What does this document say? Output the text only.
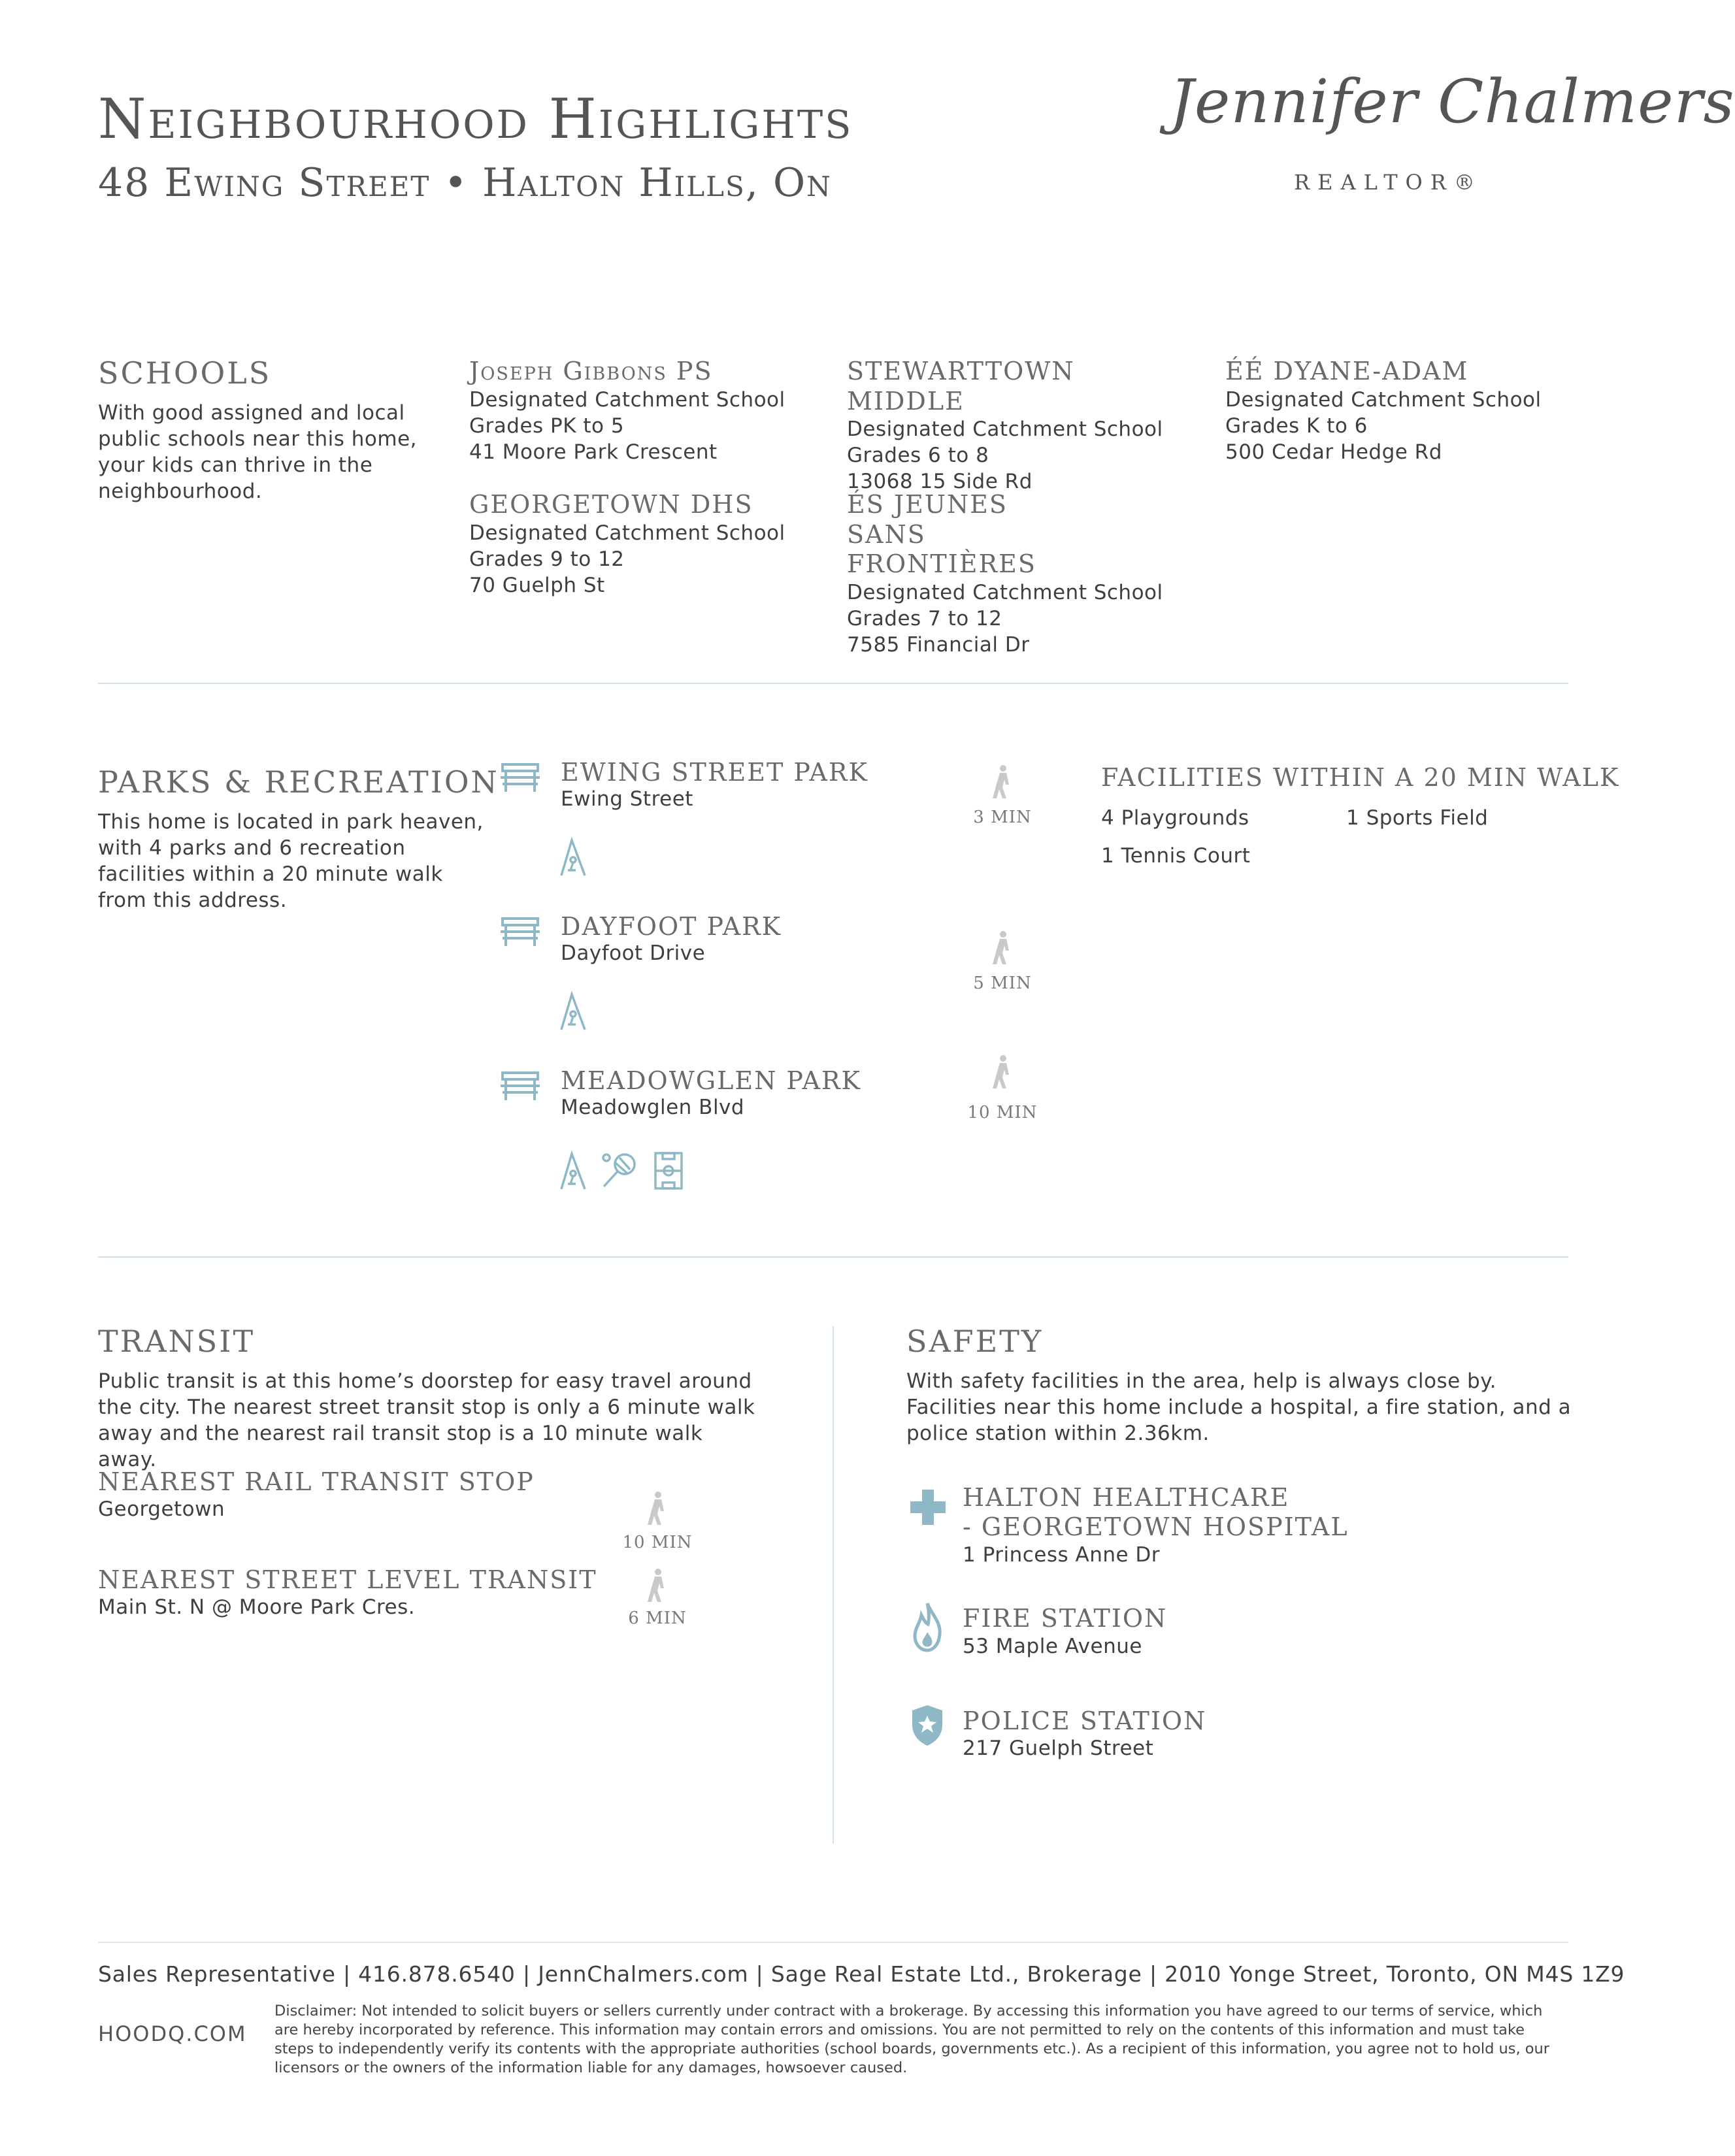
Neighbourhood Highlights
48 Ewing Street • Halton Hills, On
Jennifer Chalmers
REALTOR®
SCHOOLS
With good assigned and local public schools near this home, your kids can thrive in the neighbourhood.
Joseph Gibbons PS
Designated Catchment School
Grades PK to 5
41 Moore Park Crescent
STEWARTTOWN MIDDLE
Designated Catchment School
Grades 6 to 8
13068 15 Side Rd
ÉÉ DYANE-ADAM
Designated Catchment School
Grades K to 6
500 Cedar Hedge Rd
GEORGETOWN DHS
Designated Catchment School
Grades 9 to 12
70 Guelph St
ÉS JEUNES SANS FRONTIÈRES
Designated Catchment School
Grades 7 to 12
7585 Financial Dr
PARKS & RECREATION
This home is located in park heaven, with 4 parks and 6 recreation facilities within a 20 minute walk from this address.
EWING STREET PARK
Ewing Street
3 MIN
DAYFOOT PARK
Dayfoot Drive
5 MIN
MEADOWGLEN PARK
Meadowglen Blvd	10 MIN
FACILITIES WITHIN A 20 MIN WALK
4 Playgrounds	1 Sports Field
1 Tennis Court
TRANSIT
Public transit is at this home’s doorstep for easy travel around the city. The nearest street transit stop is only a 6 minute walk away and the nearest rail transit stop is a 10 minute walk away.
NEAREST RAIL TRANSIT STOP
Georgetown
10 MIN
NEAREST STREET LEVEL TRANSIT
Main St. N @ Moore Park Cres.	6 MIN
SAFETY
With safety facilities in the area, help is always close by. Facilities near this home include a hospital, a fire station, and a police station within 2.36km.
HALTON HEALTHCARE
- GEORGETOWN HOSPITAL
1 Princess Anne Dr
FIRE STATION
53 Maple Avenue
POLICE STATION
217 Guelph Street
Sales Representative | 416.878.6540 | JennChalmers.com | Sage Real Estate Ltd., Brokerage | 2010 Yonge Street, Toronto, ON M4S 1Z9
HOODQ.COM
Disclaimer: Not intended to solicit buyers or sellers currently under contract with a brokerage. By accessing this information you have agreed to our terms of service, which are hereby incorporated by reference. This information may contain errors and omissions. You are not permitted to rely on the contents of this information and must take steps to independently verify its contents with the appropriate authorities (school boards, governments etc.). As a recipient of this information, you agree not to hold us, our licensors or the owners of the information liable for any damages, howsoever caused.
